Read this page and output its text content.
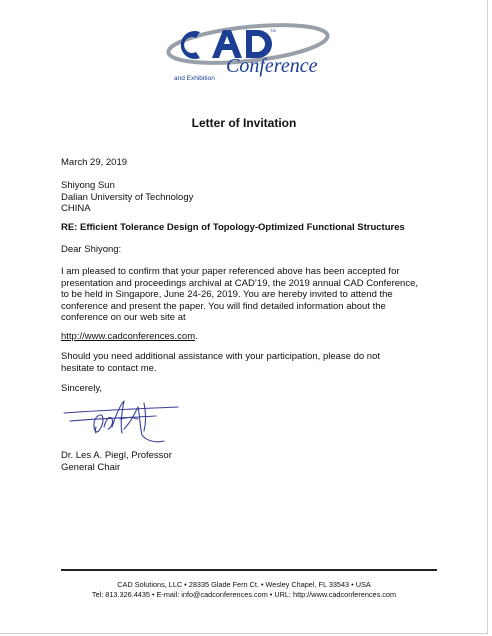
TM
Conference
and Exhibition
Letter of Invitation
March 29, 2019
Shiyong Sun
Dalian University of Technology
CHINA
RE: Efficient Tolerance Design of Topology-Optimized Functional Structures
Dear Shiyong:
I am pleased to confirm that your paper referenced above has been accepted for
presentation and proceedings archival at CAD’19, the 2019 annual CAD Conference,
to be held in Singapore, June 24-26, 2019. You are hereby invited to attend the
conference and present the paper. You will find detailed information about the
conference on our web site at
http://www.cadconferences.com.
Should you need additional assistance with your participation, please do not
hesitate to contact me.
Sincerely,
Dr. Les A. Piegl, Professor
General Chair
CAD Solutions, LLC • 28335 Glade Fern Ct. • Wesley Chapel, FL 33543 • USA
Tel: 813.326.4435 • E-mail: info@cadconferences.com • URL: http://www.cadconferences.com
